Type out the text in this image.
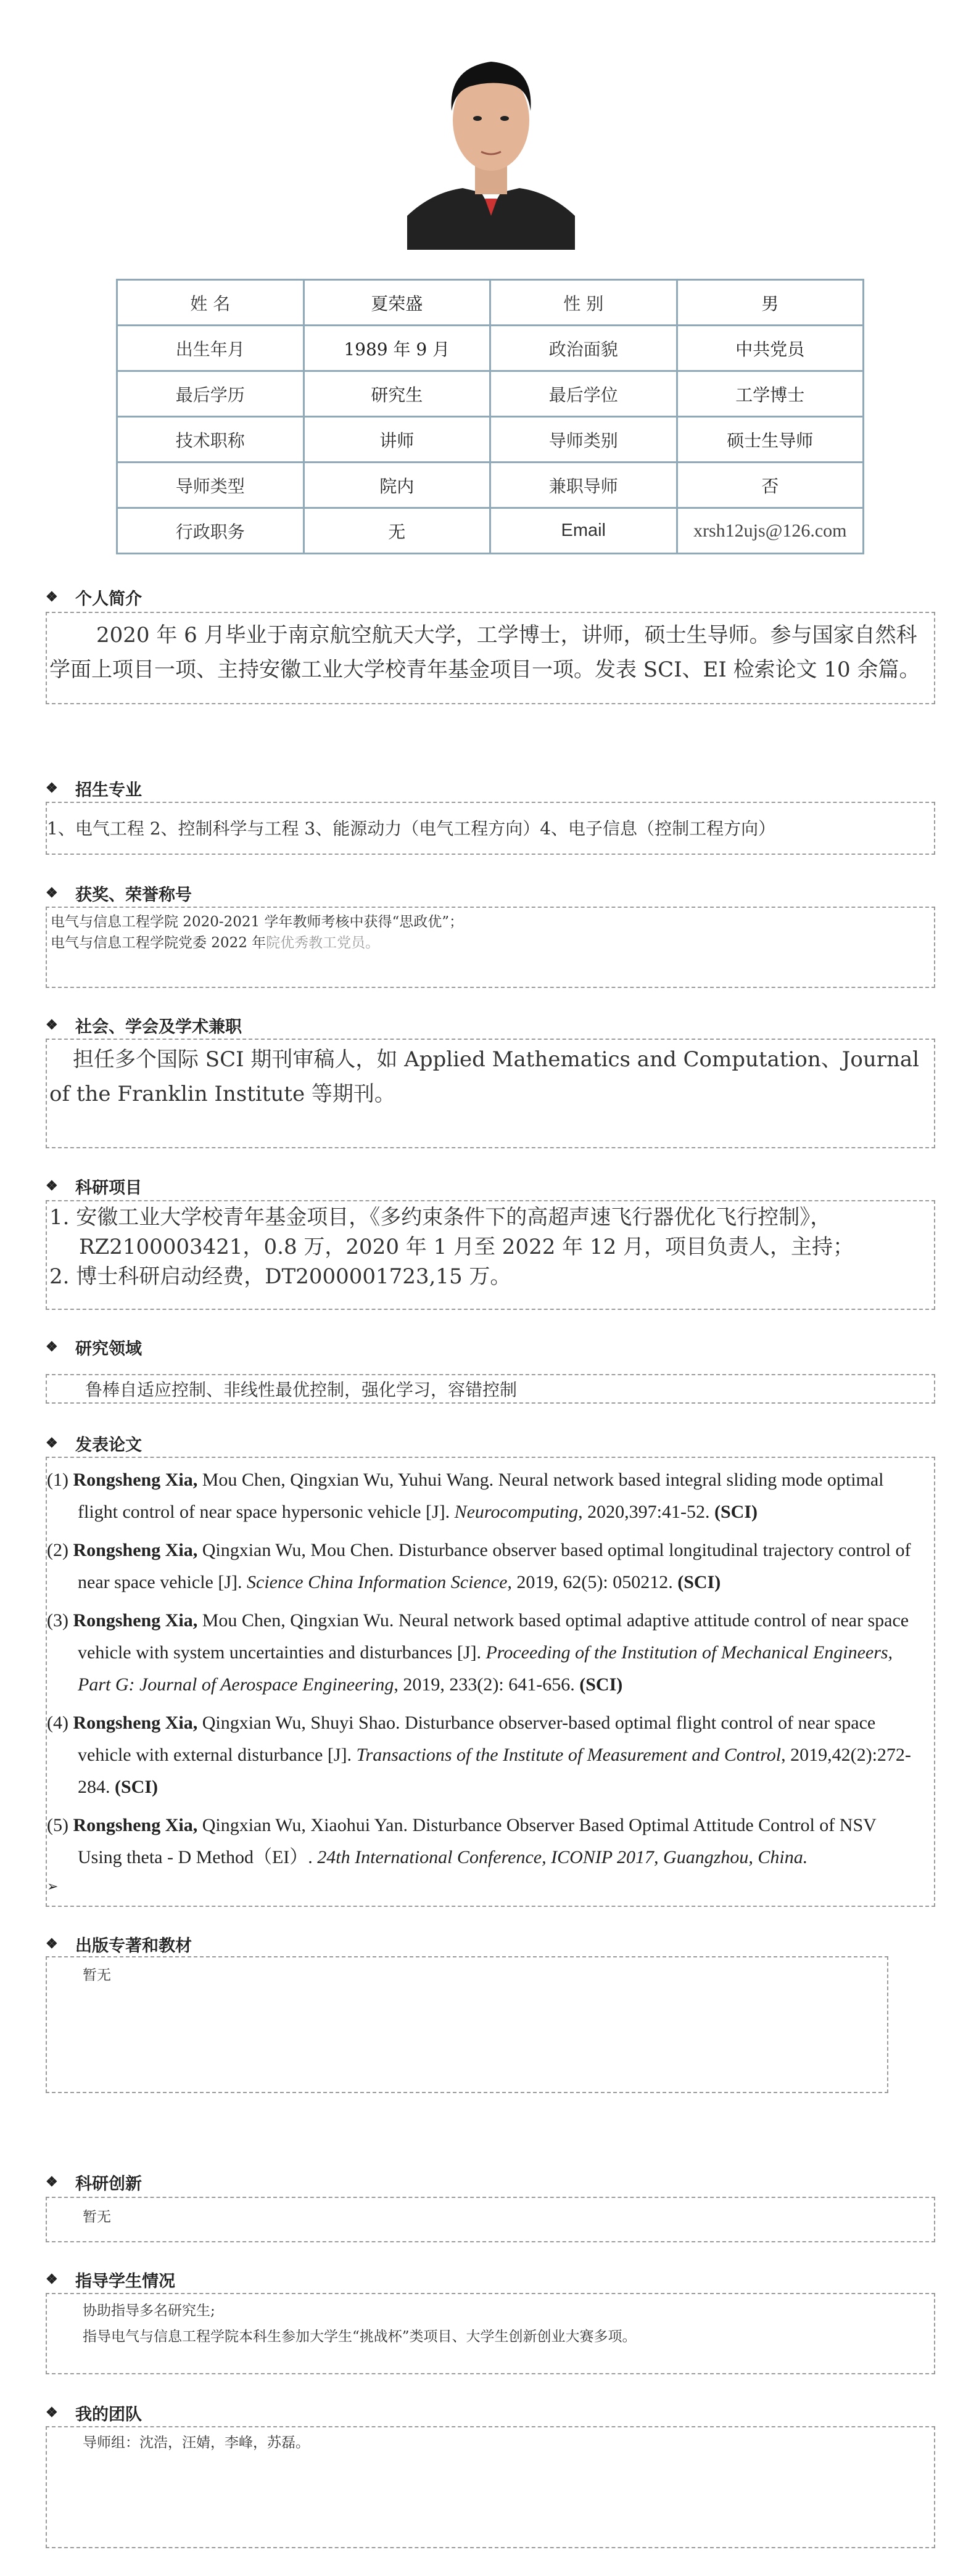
姓 名	夏荣盛	性 别	男
出生年月	1989 年 9 月	政治面貌	中共党员
最后学历	研究生	最后学位	工学博士
技术职称	讲师	导师类别	硕士生导师
导师类型	院内	兼职导师	否
行政职务	无	Email	xrsh12ujs@126.com
❖ 个人简介
2020 年 6 月毕业于南京航空航天大学，工学博士，讲师，硕士生导师。参与国家自然科学面上项目一项、主持安徽工业大学校青年基金项目一项。发表 SCI、EI 检索论文 10 余篇。
❖ 招生专业
1、电气工程 2、控制科学与工程 3、能源动力（电气工程方向）4、电子信息（控制工程方向）
❖ 获奖、荣誉称号
电气与信息工程学院 2020-2021 学年教师考核中获得“思政优”；
电气与信息工程学院党委 2022 年院优秀教工党员。
❖ 社会、学会及学术兼职
担任多个国际 SCI 期刊审稿人，如 Applied Mathematics and Computation、Journal of the Franklin Institute 等期刊。
❖ 科研项目
1. 安徽工业大学校青年基金项目，《多约束条件下的高超声速飞行器优化飞行控制》，RZ2100003421，0.8 万，2020 年 1 月至 2022 年 12 月，项目负责人，主持；
2. 博士科研启动经费，DT2000001723,15 万。
❖ 研究领域
鲁棒自适应控制、非线性最优控制，强化学习，容错控制
❖ 发表论文
(1) Rongsheng Xia, Mou Chen, Qingxian Wu, Yuhui Wang. Neural network based integral sliding mode optimal flight control of near space hypersonic vehicle [J]. Neurocomputing, 2020,397:41-52. (SCI)
(2) Rongsheng Xia, Qingxian Wu, Mou Chen. Disturbance observer based optimal longitudinal trajectory control of near space vehicle [J]. Science China Information Science, 2019, 62(5): 050212. (SCI)
(3) Rongsheng Xia, Mou Chen, Qingxian Wu. Neural network based optimal adaptive attitude control of near space vehicle with system uncertainties and disturbances [J]. Proceeding of the Institution of Mechanical Engineers, Part G: Journal of Aerospace Engineering, 2019, 233(2): 641-656. (SCI)
(4) Rongsheng Xia, Qingxian Wu, Shuyi Shao. Disturbance observer-based optimal flight control of near space vehicle with external disturbance [J]. Transactions of the Institute of Measurement and Control, 2019,42(2):272-284. (SCI)
(5) Rongsheng Xia, Qingxian Wu, Xiaohui Yan. Disturbance Observer Based Optimal Attitude Control of NSV Using theta - D Method（EI）. 24th International Conference, ICONIP 2017, Guangzhou, China.
➢
❖ 出版专著和教材
暂无
❖ 科研创新
暂无
❖ 指导学生情况
协助指导多名研究生;
指导电气与信息工程学院本科生参加大学生“挑战杯”类项目、大学生创新创业大赛多项。
❖ 我的团队
导师组：沈浩，汪婧，李峰，苏磊。
